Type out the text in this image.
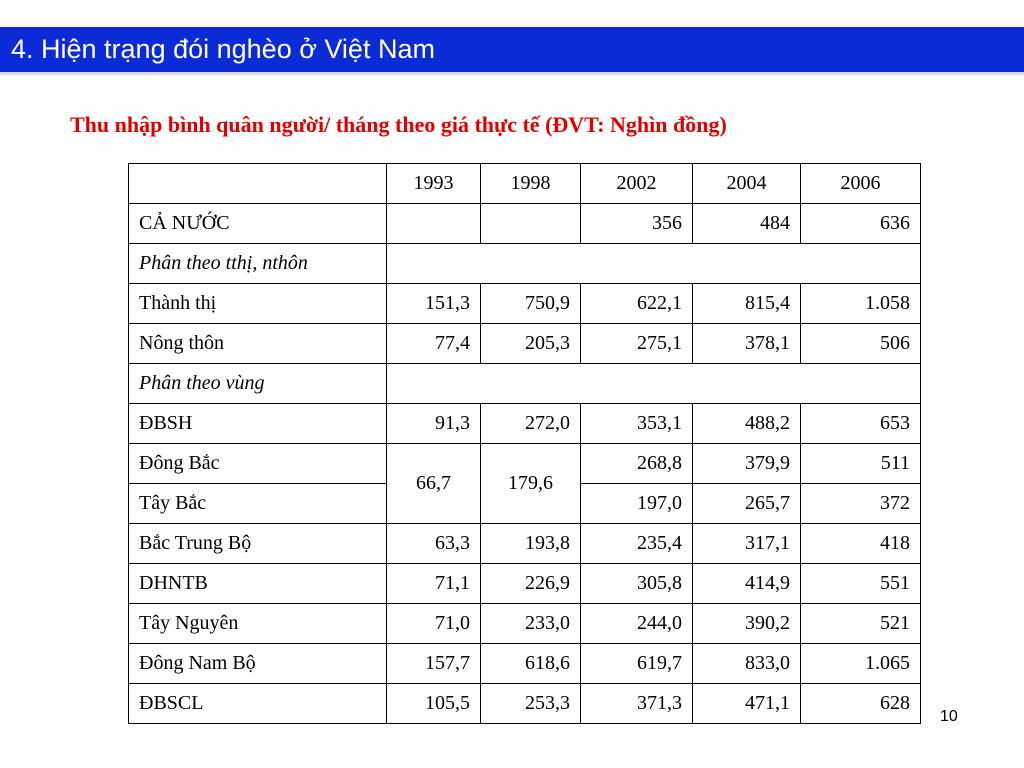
4. Hiện trạng đói nghèo ở Việt Nam
Thu nhập bình quân người/ tháng theo giá thực tế (ĐVT: Nghìn đồng)
	1993	1998	2002	2004	2006
CẢ NƯỚC			356	484	636
Phân theo tthị, nthôn					
Thành thị	151,3	750,9	622,1	815,4	1.058
Nông thôn	77,4	205,3	275,1	378,1	506
Phân theo vùng					
ĐBSH	91,3	272,0	353,1	488,2	653
Đông Bắc	66,7	179,6	268,8	379,9	511
Tây Bắc			197,0	265,7	372
Bắc Trung Bộ	63,3	193,8	235,4	317,1	418
DHNTB	71,1	226,9	305,8	414,9	551
Tây Nguyên	71,0	233,0	244,0	390,2	521
Đông Nam Bộ	157,7	618,6	619,7	833,0	1.065
ĐBSCL	105,5	253,3	371,3	471,1	628
10
